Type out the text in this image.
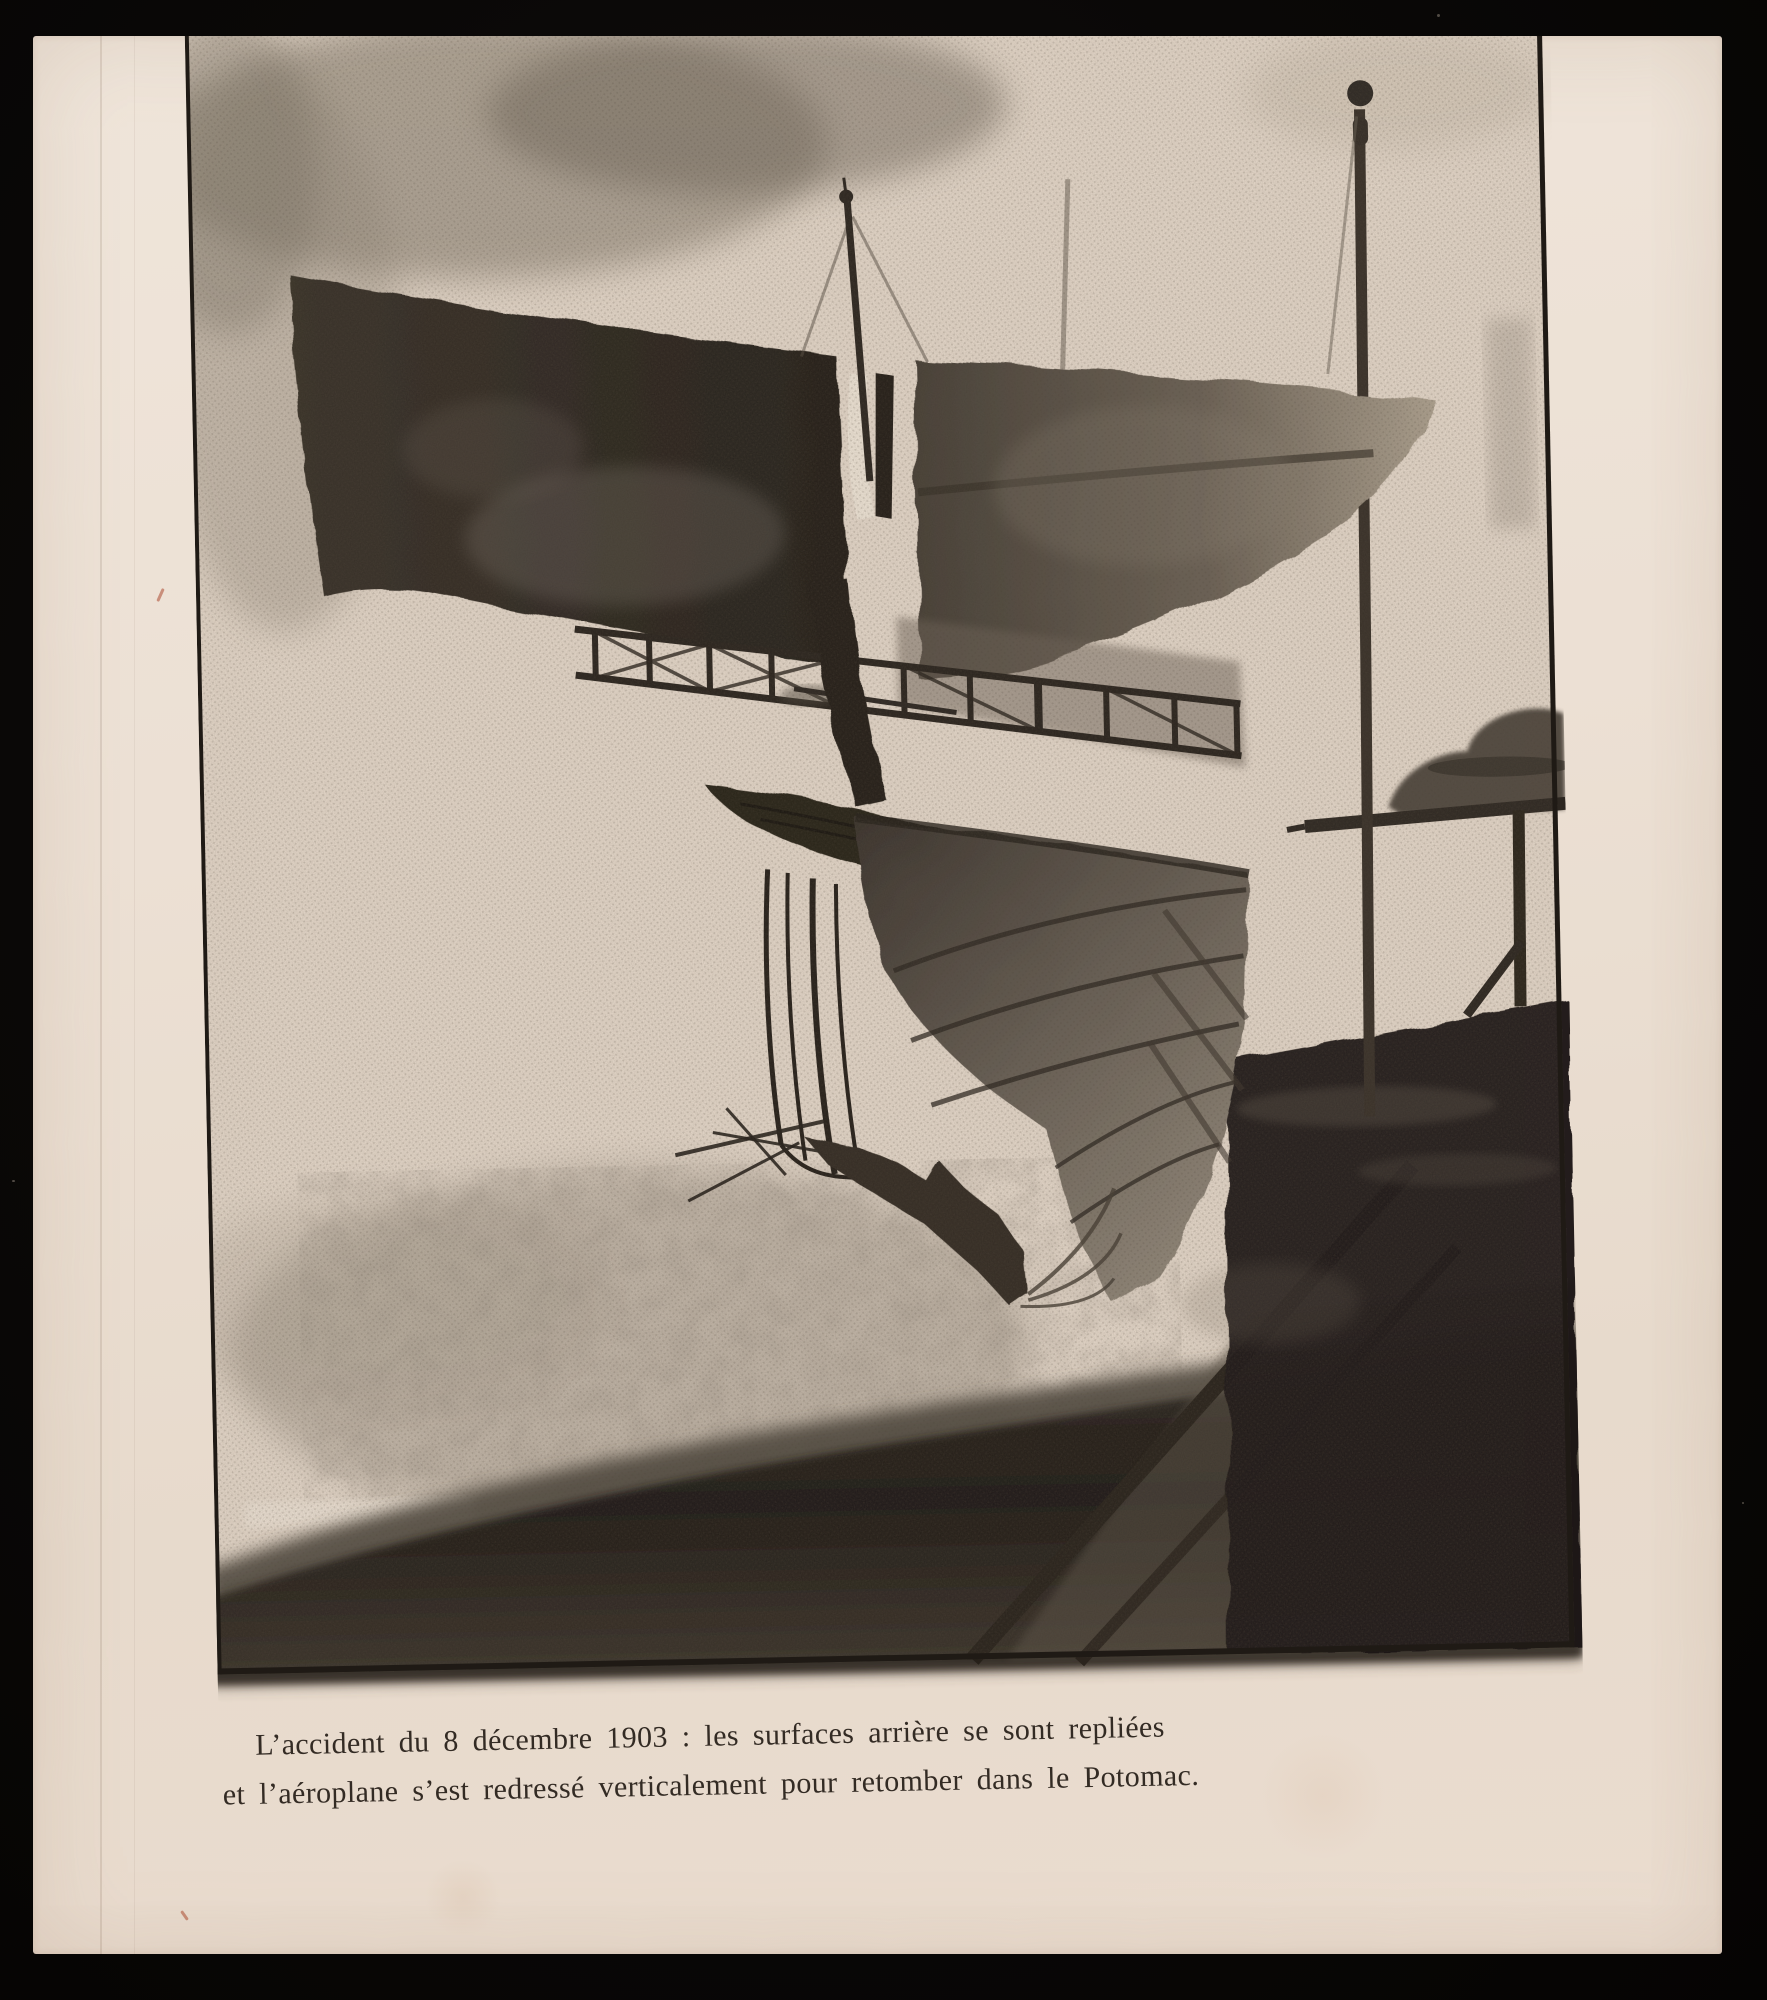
L’accident du 8 décembre 1903 : les surfaces arrière se sont repliées
et l’aéroplane s’est redressé verticalement pour retomber dans le Potomac.
